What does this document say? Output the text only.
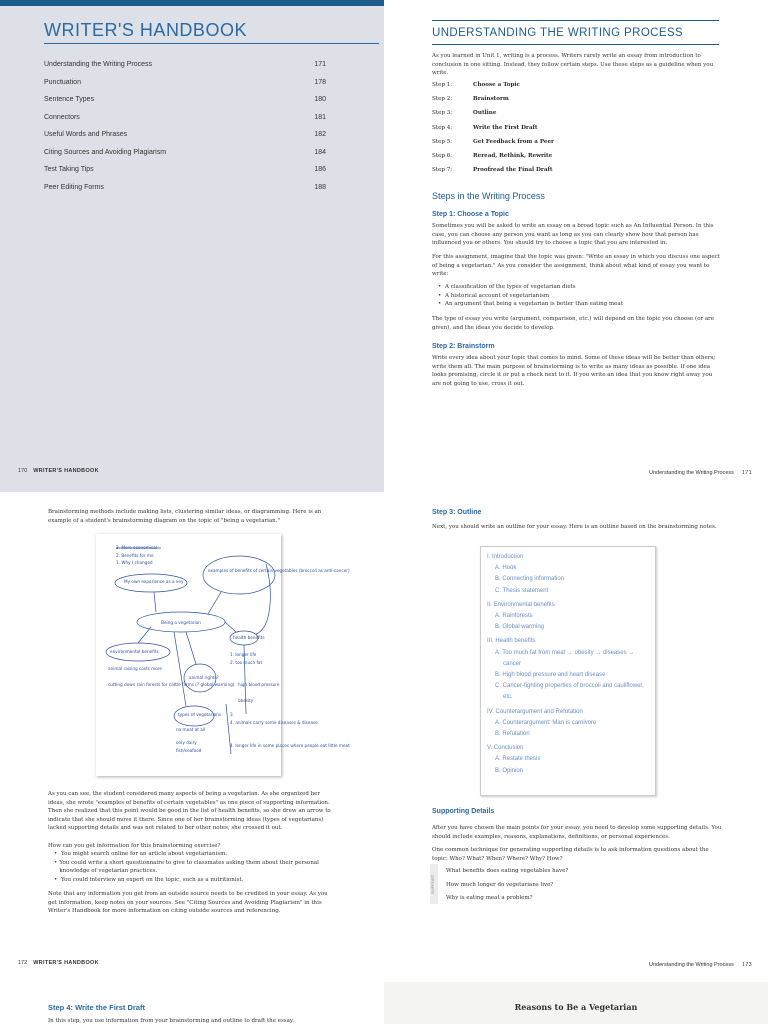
WRITER'S HANDBOOK
Understanding the Writing Process	171
Punctuation	178
Sentence Types	180
Connectors	181
Useful Words and Phrases	182
Citing Sources and Avoiding Plagiarism	184
Test Taking Tips	186
Peer Editing Forms	188
170 WRITER'S HANDBOOK
UNDERSTANDING THE WRITING PROCESS
As you learned in Unit 1, writing is a process. Writers rarely write an essay from introduction to conclusion in one sitting. Instead, they follow certain steps. Use these steps as a guideline when you write.
Step 1:	Choose a Topic
Step 2:	Brainstorm
Step 3:	Outline
Step 4:	Write the First Draft
Step 5:	Get Feedback from a Peer
Step 6:	Reread, Rethink, Rewrite
Step 7:	Proofread the Final Draft
Steps in the Writing Process
Step 1: Choose a Topic
Sometimes you will be asked to write an essay on a broad topic such as An Influential Person. In this case, you can choose any person you want as long as you can clearly show how that person has influenced you or others. You should try to choose a topic that you are interested in.
For this assignment, imagine that the topic was given: "Write an essay in which you discuss one aspect of being a vegetarian." As you consider the assignment, think about what kind of essay you want to write:
• A classification of the types of vegetarian diets
• A historical account of vegetarianism
• An argument that being a vegetarian is better than eating meat
The type of essay you write (argument, comparison, etc.) will depend on the topic you choose (or are given), and the ideas you decide to develop.
Step 2: Brainstorm
Write every idea about your topic that comes to mind. Some of these ideas will be better than others; write them all. The main purpose of brainstorming is to write as many ideas as possible. If one idea looks promising, circle it or put a check next to it. If you write an idea that you know right away you are not going to use, cross it out.
Understanding the Writing Process 171
Brainstorming methods include making lists, clustering similar ideas, or diagramming. Here is an example of a student's brainstorming diagram on the topic of "being a vegetarian."
As you can see, the student considered many aspects of being a vegetarian. As she organized her ideas, she wrote "examples of benefits of certain vegetables" as one piece of supporting information. Then she realized that this point would be good in the list of health benefits, so she drew an arrow to indicate that she should move it there. Since one of her brainstorming ideas (types of vegetarians) lacked supporting details and was not related to her other notes, she crossed it out.
How can you get information for this brainstorming exercise?
• You might search online for an article about vegetarianism.
• You could write a short questionnaire to give to classmates asking them about their personal knowledge of vegetarian practices.
• You could interview an expert on the topic, such as a nutritionist.
Note that any information you get from an outside source needs to be credited in your essay. As you get information, keep notes on your sources. See "Citing Sources and Avoiding Plagiarism" in this Writer's Handbook for more information on citing outside sources and referencing.
172 WRITER'S HANDBOOK
Being a vegetarian
3. More economical
2. Benefits for me
1. Why I changed
My own experience as a vey
examples of benefits of certain vegetables (broccoli as anti-cancer)
environmental benefits
animal raising costs more
cutting down rain forests for cattle farms (? global warming)
health benefits
1. longer life
2. too much fat
high blood pressure
obesity
animal rights?
types of vegetarians
no meat at all
only dairy
fish/seafood
3.
4. animals carry some diseases & disease
4. longer life in some places where people eat little meat
Step 3: Outline
Next, you should write an outline for your essay. Here is an outline based on the brainstorming notes.
Supporting Details
After you have chosen the main points for your essay, you need to develop some supporting details. You should include examples, reasons, explanations, definitions, or personal experiences.
One common technique for generating supporting details is to ask information questions about the topic: Who? What? When? Where? Why? How?
SUPPORT
What benefits does eating vegetables have?
How much longer do vegetarians live?
Why is eating meat a problem?
Understanding the Writing Process 173
I. Introduction
A. Hook
B. Connecting information
C. Thesis statement
II. Environmental benefits
A. Rainforests
B. Global warming
III. Health benefits
A. Too much fat from meat → obesity → diseases →
cancer
B. High blood pressure and heart disease
C. Cancer-fighting properties of broccoli and cauliflower,
etc.
IV. Counterargument and Refutation
A. Counterargument: Man is carnivore
B. Refutation
V. Conclusion
A. Restate thesis
B. Opinion
Step 4: Write the First Draft
In this step, you use information from your brainstorming and outline to draft the essay.
Reasons to Be a Vegetarian
